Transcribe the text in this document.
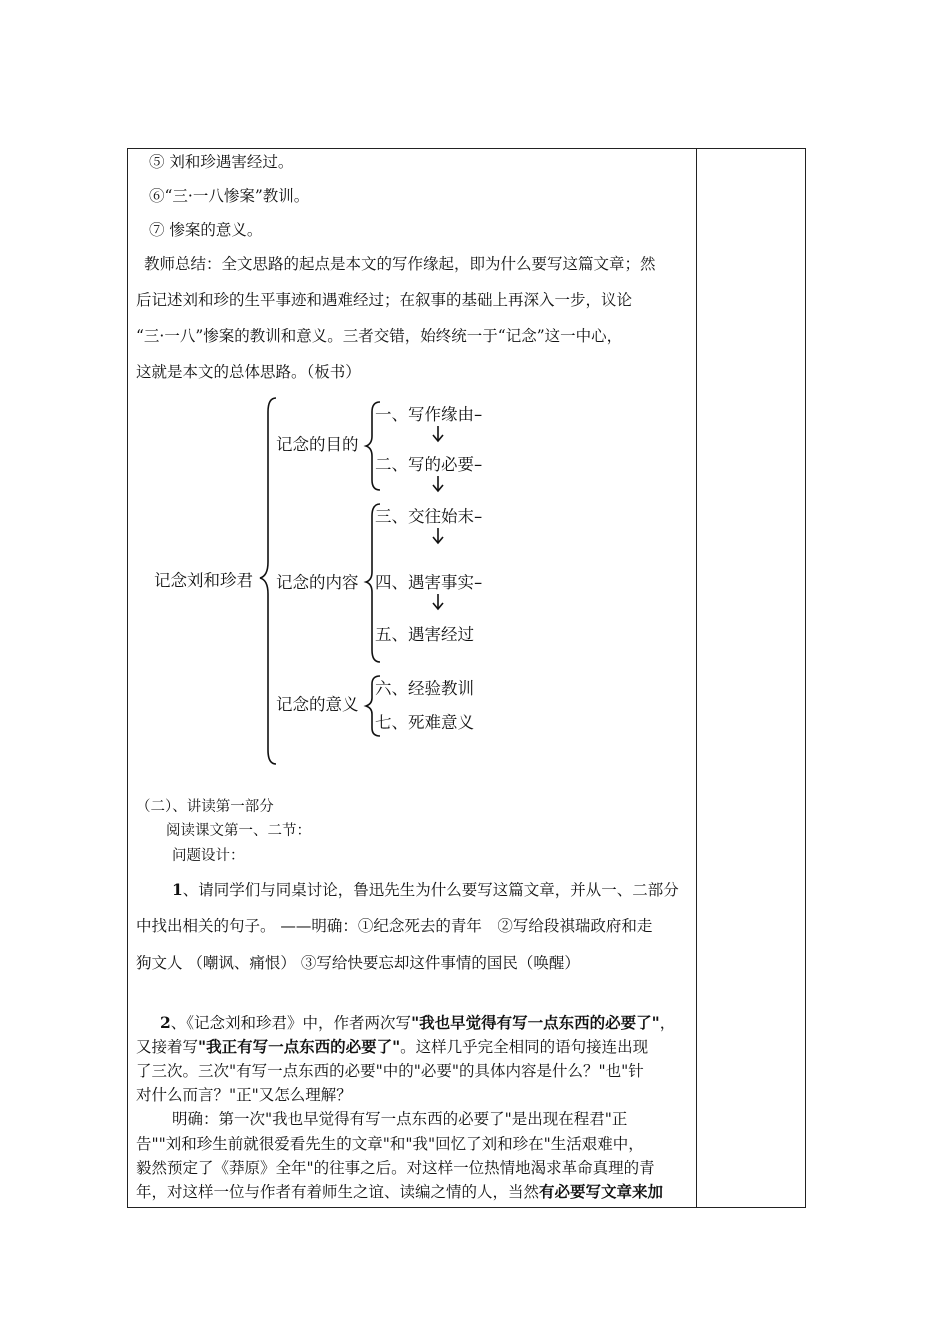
⑤ 刘和珍遇害经过。
⑥“三·一八惨案”教训。
⑦ 惨案的意义。
教师总结：全文思路的起点是本文的写作缘起，即为什么要写这篇文章；然
后记述刘和珍的生平事迹和遇难经过；在叙事的基础上再深入一步，议论
“三·一八”惨案的教训和意义。三者交错，始终统一于“记念”这一中心，
这就是本文的总体思路。（板书）
记念刘和珍君
记念的目的
一、写作缘由–
二、写的必要–
记念的内容
三、交往始末–
四、遇害事实–
五、遇害经过
记念的意义
六、经验教训
七、死难意义
（二）、讲读第一部分
阅读课文第一、二节：
问题设计：
1、请同学们与同桌讨论，鲁迅先生为什么要写这篇文章，并从一、二部分
中找出相关的句子。 ——明确：①纪念死去的青年　②写给段祺瑞政府和走
狗文人 （嘲讽、痛恨） ③写给快要忘却这件事情的国民（唤醒）
2、《记念刘和珍君》中，作者两次写"我也早觉得有写一点东西的必要了"，
又接着写"我正有写一点东西的必要了"。这样几乎完全相同的语句接连出现
了三次。三次"有写一点东西的必要"中的"必要"的具体内容是什么？"也"针
对什么而言？"正"又怎么理解？
明确：第一次"我也早觉得有写一点东西的必要了"是出现在程君"正
告""刘和珍生前就很爱看先生的文章"和"我"回忆了刘和珍在"生活艰难中，
毅然预定了《莽原》全年"的往事之后。对这样一位热情地渴求革命真理的青
年，对这样一位与作者有着师生之谊、读编之情的人，当然有必要写文章来加
